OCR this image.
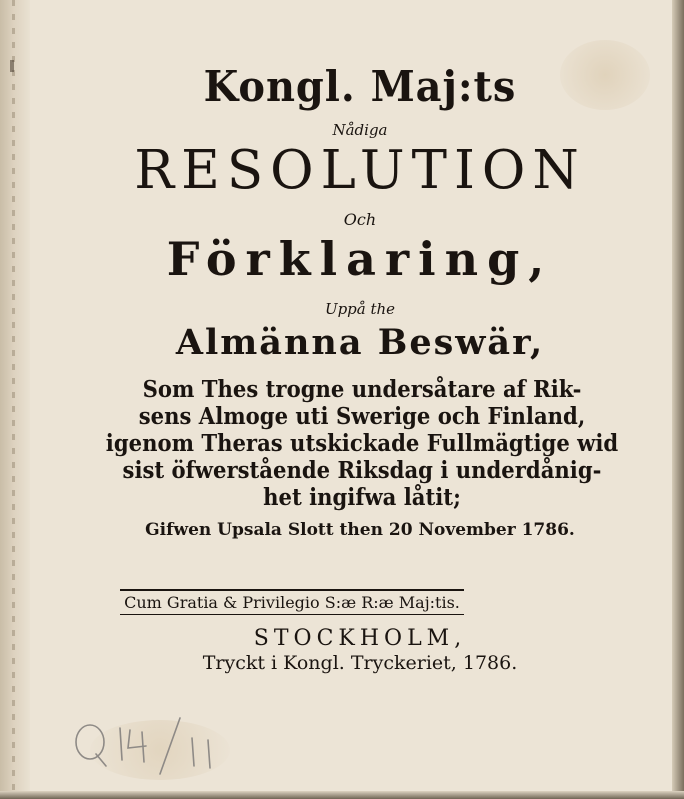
Kongl. Maj:ts
Nådiga
RESOLUTION
Och
Förklaring,
Uppå the
Almänna Beswär,
Som Thes trogne undersåtare af Rik-
sens Almoge uti Swerige och Finland,
igenom Theras utskickade Fullmägtige wid
sist öfwerstående Riksdag i underdånig-
het ingifwa låtit;
Gifwen Upsala Slott then 20 November 1786.
Cum Gratia & Privilegio S:æ R:æ Maj:tis.
STOCKHOLM,
Tryckt i Kongl. Tryckeriet, 1786.
